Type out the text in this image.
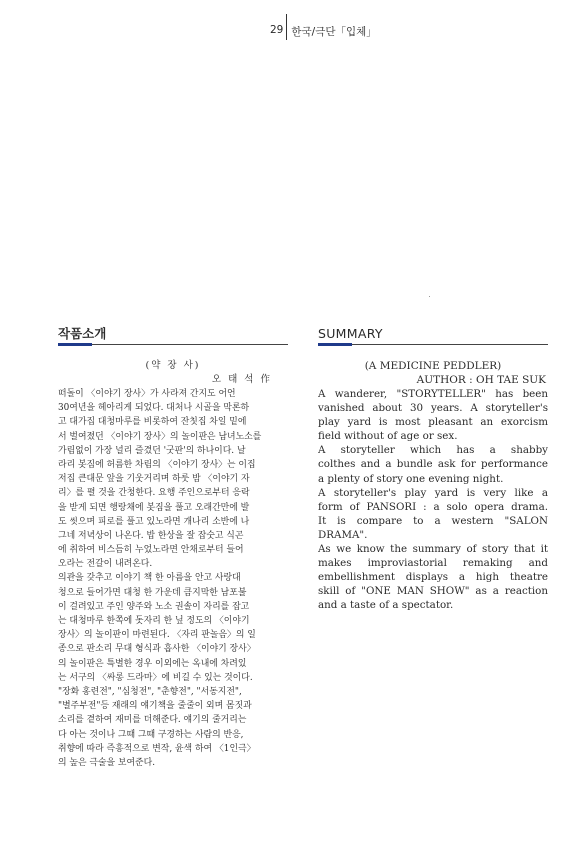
29 한국/극단「입체」
작품소개
(약 장 사)
오 태 석 作
떠돌이 〈이야기 장사〉가 사라져 간지도 어언
30여년을 헤아리게 되었다. 대처나 시골을 막론하
고 대가집 대청마루를 비롯하여 잔칫집 차일 밑에
서 벌여졌던 〈이야기 장사〉의 놀이판은 남녀노소를
가림없이 가장 널리 즐겼던 '굿판'의 하나이다. 날
라리 봇짐에 허름한 차림의 〈이야기 장사〉는 이집
저집 큰대문 앞을 기웃거리며 하룻 밤 〈이야기 자
리〉를 펼 것을 간청한다. 요행 주인으로부터 응락
을 받게 되면 행랑채에 봇짐을 풀고 오래간만에 발
도 씻으며 피로를 풀고 있노라면 개나리 소반에 나
그네 저녁상이 나온다. 밥 한상을 잘 잡숫고 식곤
에 취하여 비스듬히 누었노라면 안채로부터 들어
오라는 전갈이 내려온다.
의관을 갖추고 이야기 책 한 아름을 안고 사랑대
청으로 들어가면 대청 한 가운데 큼지막한 남포불
이 걸려있고 주인 양주와 노소 권솔이 자리를 잡고
는 대청마루 한쪽에 돗자리 한 닢 정도의 〈이야기
장사〉의 놀이판이 마련된다. 〈자리 판놀음〉의 일
종으로 판소리 무대 형식과 흡사한 〈이야기 장사〉
의 놀이판은 특별한 경우 이외에는 옥내에 차려있
는 서구의 〈싸롱 드라마〉에 비길 수 있는 것이다.
"장화 홍련전", "심청전", "춘향전", "서동지전",
"별주부전"등 재래의 얘기책을 줄줄이 외며 몸짓과
소리를 곁하여 재미를 더해준다. 얘기의 줄거리는
다 아는 것이나 그때 그때 구경하는 사람의 반응,
취향에 따라 즉흥적으로 변작, 윤색 하여 〈1인극〉
의 높은 극술을 보여준다.
SUMMARY
(A MEDICINE PEDDLER)
AUTHOR : OH TAE SUK
A wanderer, "STORYTELLER" has been
vanished about 30 years. A storyteller's
play yard is most pleasant an exorcism
field without of age or sex.
A storyteller which has a shabby
colthes and a bundle ask for performance
a plenty of story one evening night.
A storyteller's play yard is very like a
form of PANSORI : a solo opera drama.
It is compare to a western "SALON
DRAMA".
As we know the summary of story that it
makes improviastorial remaking and
embellishment displays a high theatre
skill of "ONE MAN SHOW" as a reaction
and a taste of a spectator.
